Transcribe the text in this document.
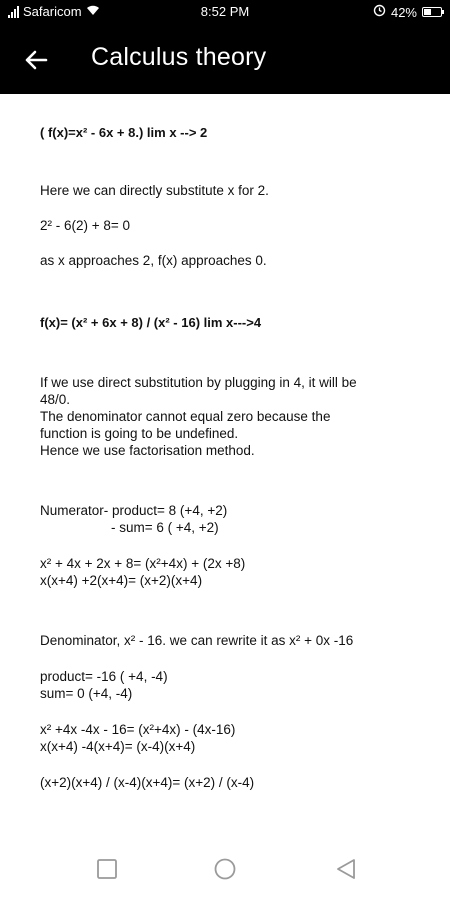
Safaricom	8:52 PM	42%
Calculus theory
( f(x)=x² - 6x + 8.) lim x --> 2
Here we can directly substitute x for 2.
2² - 6(2) + 8= 0
as x approaches 2, f(x) approaches 0.
f(x)= (x² + 6x + 8) / (x² - 16) lim x--->4
If we use direct substitution by plugging in 4, it will be
48/0.
The denominator cannot equal zero because the
function is going to be undefined.
Hence we use factorisation method.
Numerator- product= 8 (+4, +2)
- sum= 6 ( +4, +2)
x² + 4x + 2x + 8= (x²+4x) + (2x +8)
x(x+4) +2(x+4)= (x+2)(x+4)
Denominator, x² - 16. we can rewrite it as x² + 0x -16
product= -16 ( +4, -4)
sum= 0 (+4, -4)
x² +4x -4x - 16= (x²+4x) - (4x-16)
x(x+4) -4(x+4)= (x-4)(x+4)
(x+2)(x+4) / (x-4)(x+4)= (x+2) / (x-4)
